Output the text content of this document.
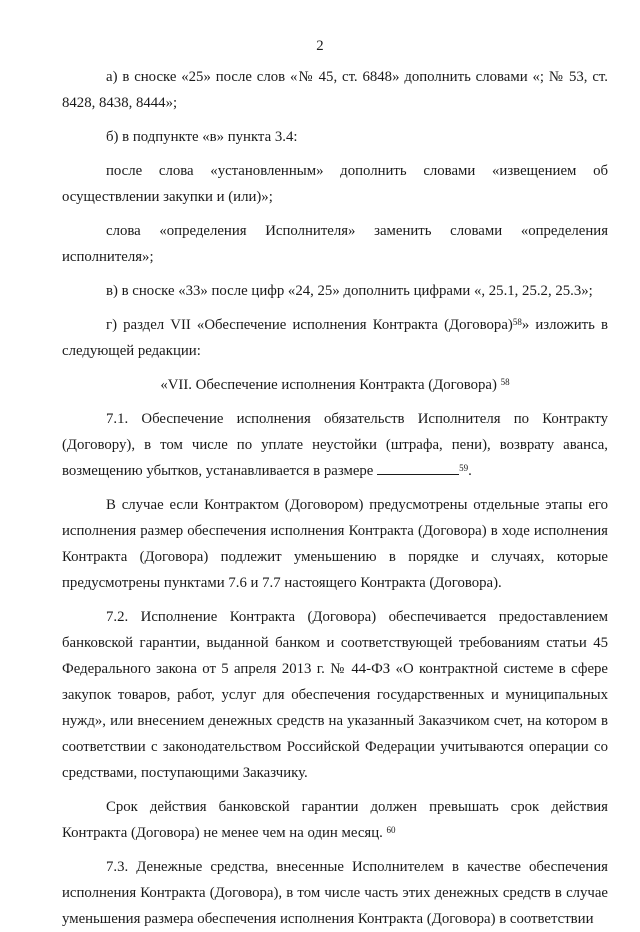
2

а) в сноске «25» после слов «№ 45, ст. 6848» дополнить словами «; № 53, ст. 8428, 8438, 8444»;

б) в подпункте «в» пункта 3.4:

после слова «установленным» дополнить словами «извещением об осуществлении закупки и (или)»;

слова «определения Исполнителя» заменить словами «определения исполнителя»;

в) в сноске «33» после цифр «24, 25» дополнить цифрами «, 25.1, 25.2, 25.3»;

г) раздел VII «Обеспечение исполнения Контракта (Договора)$^{58}$» изложить в следующей редакции:

«VII. Обеспечение исполнения Контракта (Договора) $^{58}$

7.1. Обеспечение исполнения обязательств Исполнителя по Контракту (Договору), в том числе по уплате неустойки (штрафа, пени), возврату аванса, возмещению убытков, устанавливается в размере	$^{59}$.

В случае если Контрактом (Договором) предусмотрены отдельные этапы его исполнения размер обеспечения исполнения Контракта (Договора) в ходе исполнения Контракта (Договора) подлежит уменьшению в порядке и случаях, которые предусмотрены пунктами 7.6 и 7.7 настоящего Контракта (Договора).

7.2. Исполнение Контракта (Договора) обеспечивается предоставлением банковской гарантии, выданной банком и соответствующей требованиям статьи 45 Федерального закона от 5 апреля 2013 г. № 44-ФЗ «О контрактной системе в сфере закупок товаров, работ, услуг для обеспечения государственных и муниципальных нужд», или внесением денежных средств на указанный Заказчиком счет, на котором в соответствии с законодательством Российской Федерации учитываются операции со средствами, поступающими Заказчику.

Срок действия банковской гарантии должен превышать срок действия Контракта (Договора) не менее чем на один месяц. $^{60}$

7.3. Денежные средства, внесенные Исполнителем в качестве обеспечения исполнения Контракта (Договора), в том числе часть этих денежных средств в случае уменьшения размера обеспечения исполнения Контракта (Договора) в соответствии
